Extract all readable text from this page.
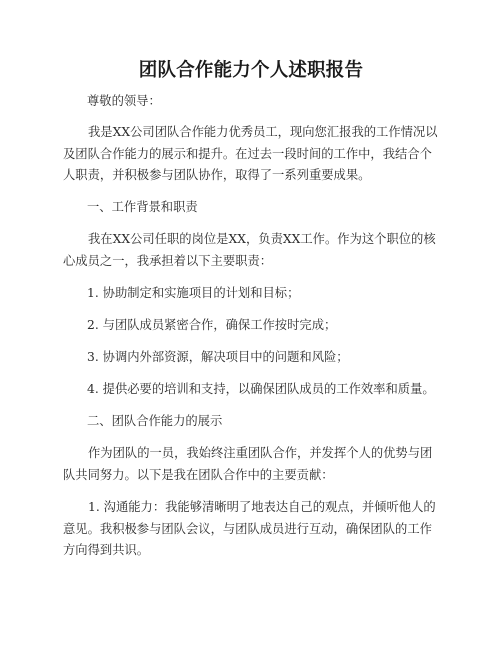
团队合作能力个人述职报告

尊敬的领导：

我是XX公司团队合作能力优秀员工，现向您汇报我的工作情况以及团队合作能力的展示和提升。在过去一段时间的工作中，我结合个人职责，并积极参与团队协作，取得了一系列重要成果。

一、工作背景和职责

我在XX公司任职的岗位是XX，负责XX工作。作为这个职位的核心成员之一，我承担着以下主要职责：

1. 协助制定和实施项目的计划和目标；

2. 与团队成员紧密合作，确保工作按时完成；

3. 协调内外部资源，解决项目中的问题和风险；

4. 提供必要的培训和支持，以确保团队成员的工作效率和质量。

二、团队合作能力的展示

作为团队的一员，我始终注重团队合作，并发挥个人的优势与团队共同努力。以下是我在团队合作中的主要贡献：

1. 沟通能力：我能够清晰明了地表达自己的观点，并倾听他人的意见。我积极参与团队会议，与团队成员进行互动，确保团队的工作方向得到共识。
